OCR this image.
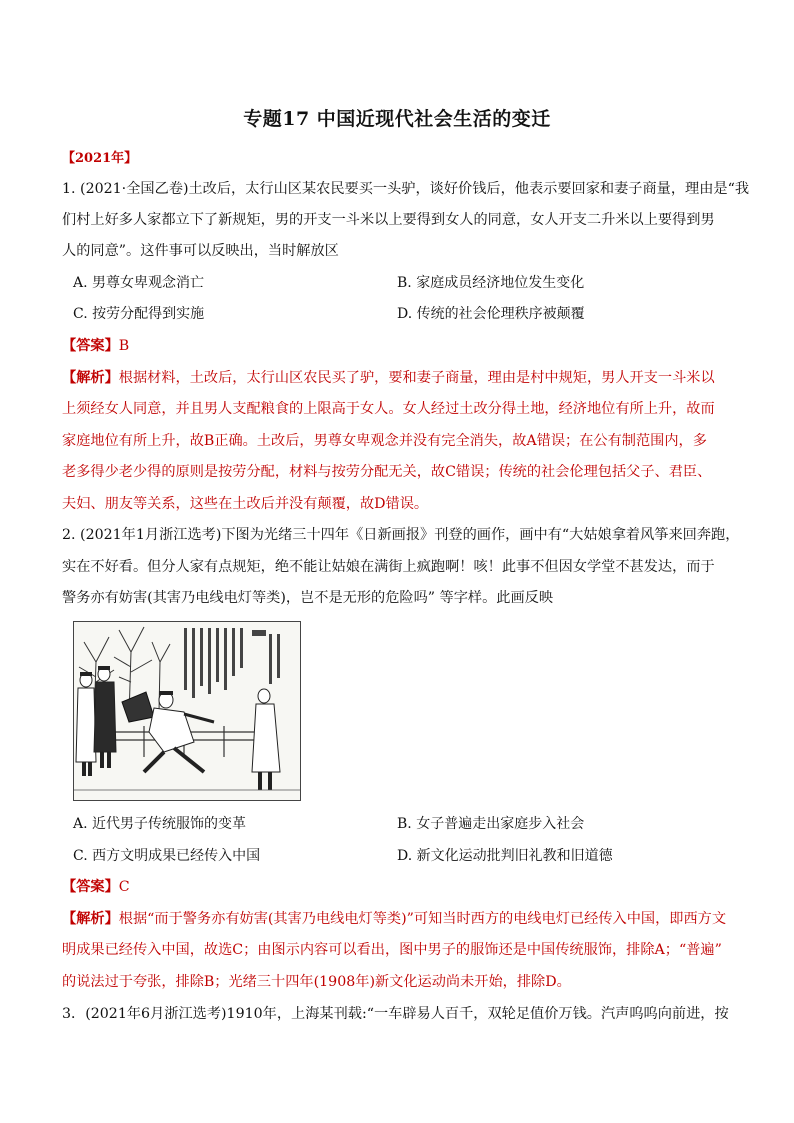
专题17 中国近现代社会生活的变迁
【2021年】
1. (2021·全国乙卷)土改后，太行山区某农民要买一头驴，谈好价钱后，他表示要回家和妻子商量，理由是“我
们村上好多人家都立下了新规矩，男的开支一斗米以上要得到女人的同意，女人开支二升米以上要得到男
人的同意”。这件事可以反映出，当时解放区
A. 男尊女卑观念消亡	B. 家庭成员经济地位发生变化
C. 按劳分配得到实施	D. 传统的社会伦理秩序被颠覆
【答案】B
【解析】根据材料，土改后，太行山区农民买了驴，要和妻子商量，理由是村中规矩，男人开支一斗米以
上须经女人同意，并且男人支配粮食的上限高于女人。女人经过土改分得土地，经济地位有所上升，故而
家庭地位有所上升，故B正确。土改后，男尊女卑观念并没有完全消失，故A错误；在公有制范围内，多
老多得少老少得的原则是按劳分配，材料与按劳分配无关，故C错误；传统的社会伦理包括父子、君臣、
夫妇、朋友等关系，这些在土改后并没有颠覆，故D错误。
2. (2021年1月浙江选考)下图为光绪三十四年《日新画报》刊登的画作，画中有“大姑娘拿着风筝来回奔跑，
实在不好看。但分人家有点规矩，绝不能让姑娘在满街上疯跑啊！咳！此事不但因女学堂不甚发达，而于
警务亦有妨害(其害乃电线电灯等类)，岂不是无形的危险吗” 等字样。此画反映
A. 近代男子传统服饰的变革	B. 女子普遍走出家庭步入社会
C. 西方文明成果已经传入中国	D. 新文化运动批判旧礼教和旧道德
【答案】C
【解析】根据“而于警务亦有妨害(其害乃电线电灯等类)”可知当时西方的电线电灯已经传入中国，即西方文
明成果已经传入中国，故选C；由图示内容可以看出，图中男子的服饰还是中国传统服饰，排除A；“普遍”
的说法过于夸张，排除B；光绪三十四年(1908年)新文化运动尚未开始，排除D。
3．(2021年6月浙江选考)1910年，上海某刊载:“一车辟易人百千，双轮足值价万钱。汽声呜呜向前进，按
